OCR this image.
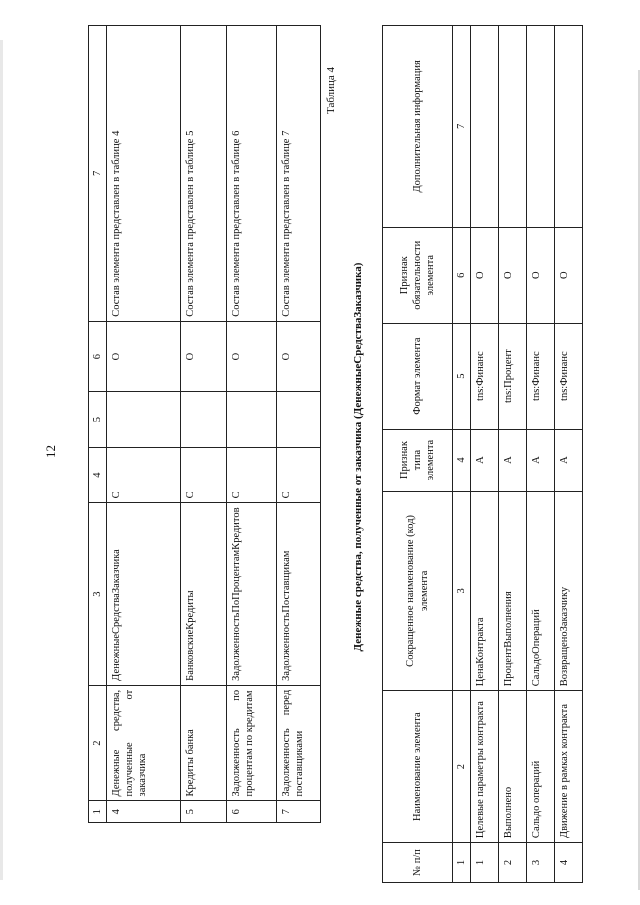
12
1	2	3	4	5	6	7
4	Денежные средства, полученные от заказчика	ДенежныеСредстваЗаказчика	С		О	Состав элемента представлен в таблице 4
5	Кредиты банка	БанковскиеКредиты	С		О	Состав элемента представлен в таблице 5
6	Задолженность по процентам по кредитам	ЗадолженностьПоПроцентамКредитов	С		О	Состав элемента представлен в таблице 6
7	Задолженность перед поставщиками	ЗадолженностьПоставщикам	С		О	Состав элемента представлен в таблице 7
Таблица 4
Денежные средства, полученные от заказчика (ДенежныеСредстваЗаказчика)
№ п/п	Наименование элемента	Сокращенное наименование (код) элемента	Признак типа элемента	Формат элемента	Признак обязательности элемента	Дополнительная информация
1	2	3	4	5	6	7
1	Целевые параметры контракта	ЦенаКонтракта	А	tns:Финанс	О	
2	Выполнено	ПроцентВыполнения	А	tns:Процент	О	
3	Сальдо операций	СальдоОпераций	А	tns:Финанс	О	
4	Движение в рамках контракта	ВозвращеноЗаказчику	А	tns:Финанс	О	
